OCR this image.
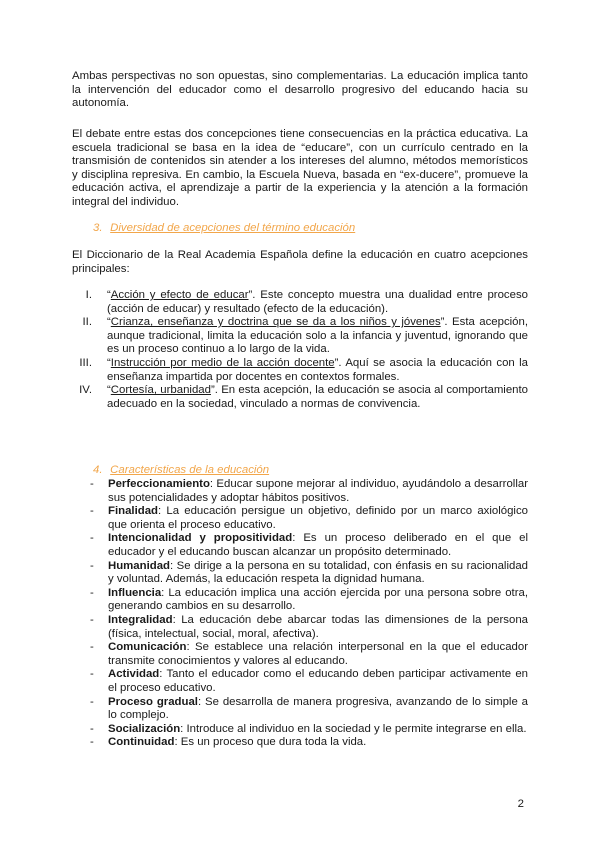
Ambas perspectivas no son opuestas, sino complementarias. La educación implica tanto la intervención del educador como el desarrollo progresivo del educando hacia su autonomía.

El debate entre estas dos concepciones tiene consecuencias en la práctica educativa. La escuela tradicional se basa en la idea de “educare”, con un currículo centrado en la transmisión de contenidos sin atender a los intereses del alumno, métodos memorísticos y disciplina represiva. En cambio, la Escuela Nueva, basada en “ex-ducere”, promueve la educación activa, el aprendizaje a partir de la experiencia y la atención a la formación integral del individuo.

3. Diversidad de acepciones del término educación

El Diccionario de la Real Academia Española define la educación en cuatro acepciones principales:

I. “Acción y efecto de educar”. Este concepto muestra una dualidad entre proceso (acción de educar) y resultado (efecto de la educación).
II. “Crianza, enseñanza y doctrina que se da a los niños y jóvenes”. Esta acepción, aunque tradicional, limita la educación solo a la infancia y juventud, ignorando que es un proceso continuo a lo largo de la vida.
III. “Instrucción por medio de la acción docente”. Aquí se asocia la educación con la enseñanza impartida por docentes en contextos formales.
IV. “Cortesía, urbanidad”. En esta acepción, la educación se asocia al comportamiento adecuado en la sociedad, vinculado a normas de convivencia.

4. Características de la educación

- Perfeccionamiento: Educar supone mejorar al individuo, ayudándolo a desarrollar sus potencialidades y adoptar hábitos positivos.
- Finalidad: La educación persigue un objetivo, definido por un marco axiológico que orienta el proceso educativo.
- Intencionalidad y propositividad: Es un proceso deliberado en el que el educador y el educando buscan alcanzar un propósito determinado.
- Humanidad: Se dirige a la persona en su totalidad, con énfasis en su racionalidad y voluntad. Además, la educación respeta la dignidad humana.
- Influencia: La educación implica una acción ejercida por una persona sobre otra, generando cambios en su desarrollo.
- Integralidad: La educación debe abarcar todas las dimensiones de la persona (física, intelectual, social, moral, afectiva).
- Comunicación: Se establece una relación interpersonal en la que el educador transmite conocimientos y valores al educando.
- Actividad: Tanto el educador como el educando deben participar activamente en el proceso educativo.
- Proceso gradual: Se desarrolla de manera progresiva, avanzando de lo simple a lo complejo.
- Socialización: Introduce al individuo en la sociedad y le permite integrarse en ella.
- Continuidad: Es un proceso que dura toda la vida.
2
